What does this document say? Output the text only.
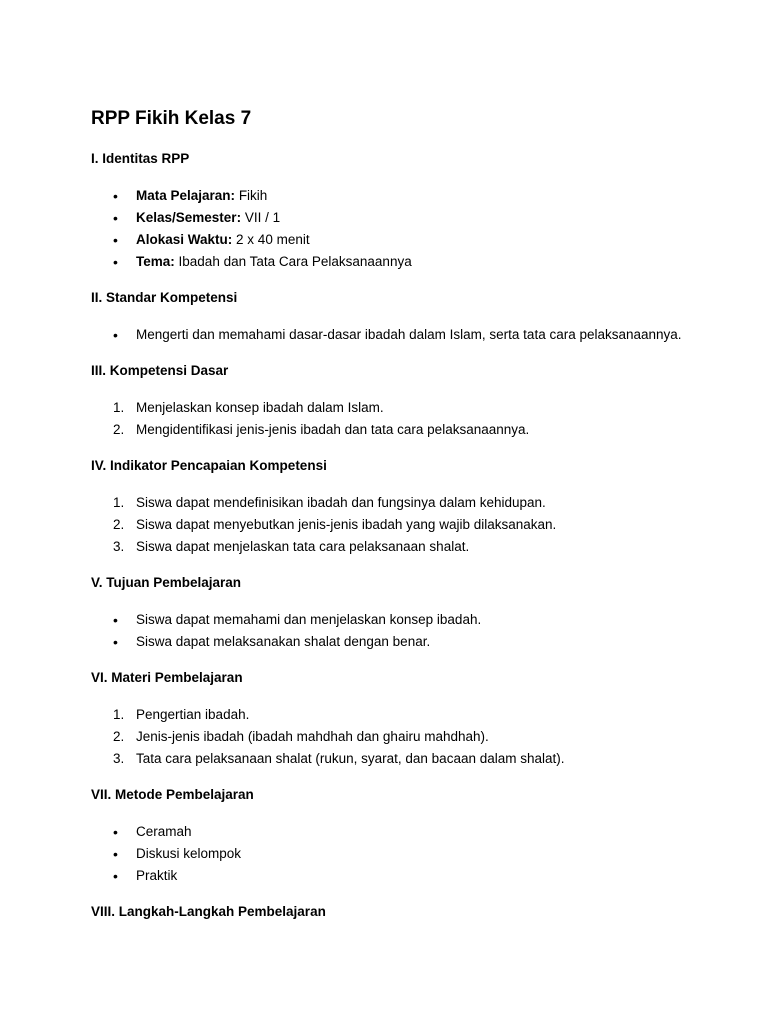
RPP Fikih Kelas 7
I. Identitas RPP
• Mata Pelajaran: Fikih
• Kelas/Semester: VII / 1
• Alokasi Waktu: 2 x 40 menit
• Tema: Ibadah dan Tata Cara Pelaksanaannya
II. Standar Kompetensi
• Mengerti dan memahami dasar-dasar ibadah dalam Islam, serta tata cara pelaksanaannya.
III. Kompetensi Dasar
1. Menjelaskan konsep ibadah dalam Islam.
2. Mengidentifikasi jenis-jenis ibadah dan tata cara pelaksanaannya.
IV. Indikator Pencapaian Kompetensi
1. Siswa dapat mendefinisikan ibadah dan fungsinya dalam kehidupan.
2. Siswa dapat menyebutkan jenis-jenis ibadah yang wajib dilaksanakan.
3. Siswa dapat menjelaskan tata cara pelaksanaan shalat.
V. Tujuan Pembelajaran
• Siswa dapat memahami dan menjelaskan konsep ibadah.
• Siswa dapat melaksanakan shalat dengan benar.
VI. Materi Pembelajaran
1. Pengertian ibadah.
2. Jenis-jenis ibadah (ibadah mahdhah dan ghairu mahdhah).
3. Tata cara pelaksanaan shalat (rukun, syarat, dan bacaan dalam shalat).
VII. Metode Pembelajaran
• Ceramah
• Diskusi kelompok
• Praktik
VIII. Langkah-Langkah Pembelajaran
